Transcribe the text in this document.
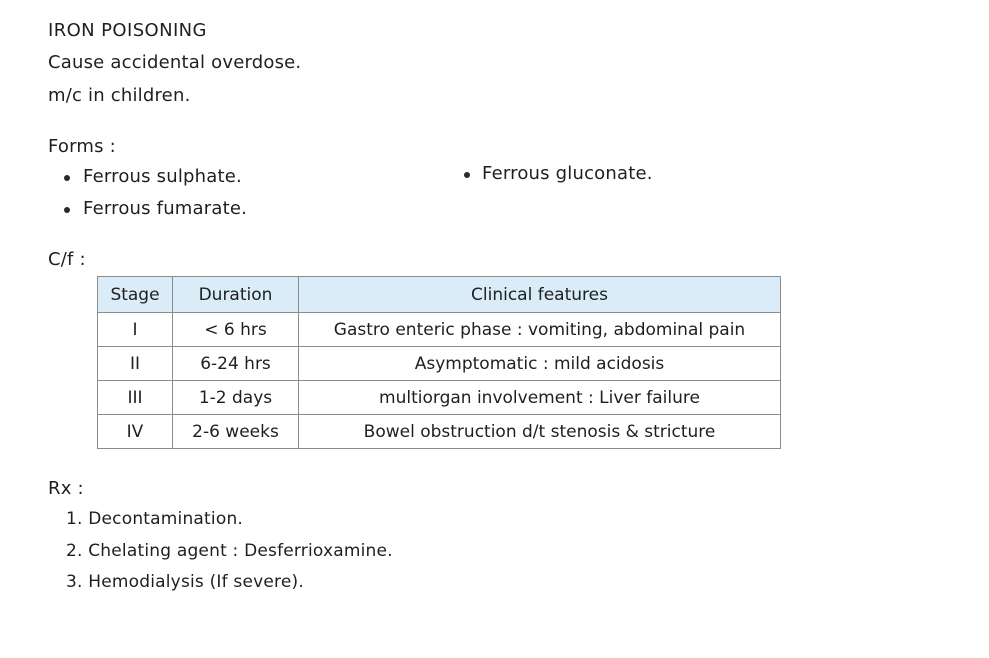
IRON POISONING
Cause accidental overdose.
m/c in children.
Forms :
Ferrous sulphate.
Ferrous fumarate.
Ferrous gluconate.
C/f :
Stage	Duration	Clinical features
I	< 6 hrs	Gastro enteric phase : vomiting, abdominal pain
II	6-24 hrs	Asymptomatic : mild acidosis
III	1-2 days	multiorgan involvement : Liver failure
IV	2-6 weeks	Bowel obstruction d/t stenosis & stricture
Rx :
1. Decontamination.
2. Chelating agent : Desferrioxamine.
3. Hemodialysis (If severe).
